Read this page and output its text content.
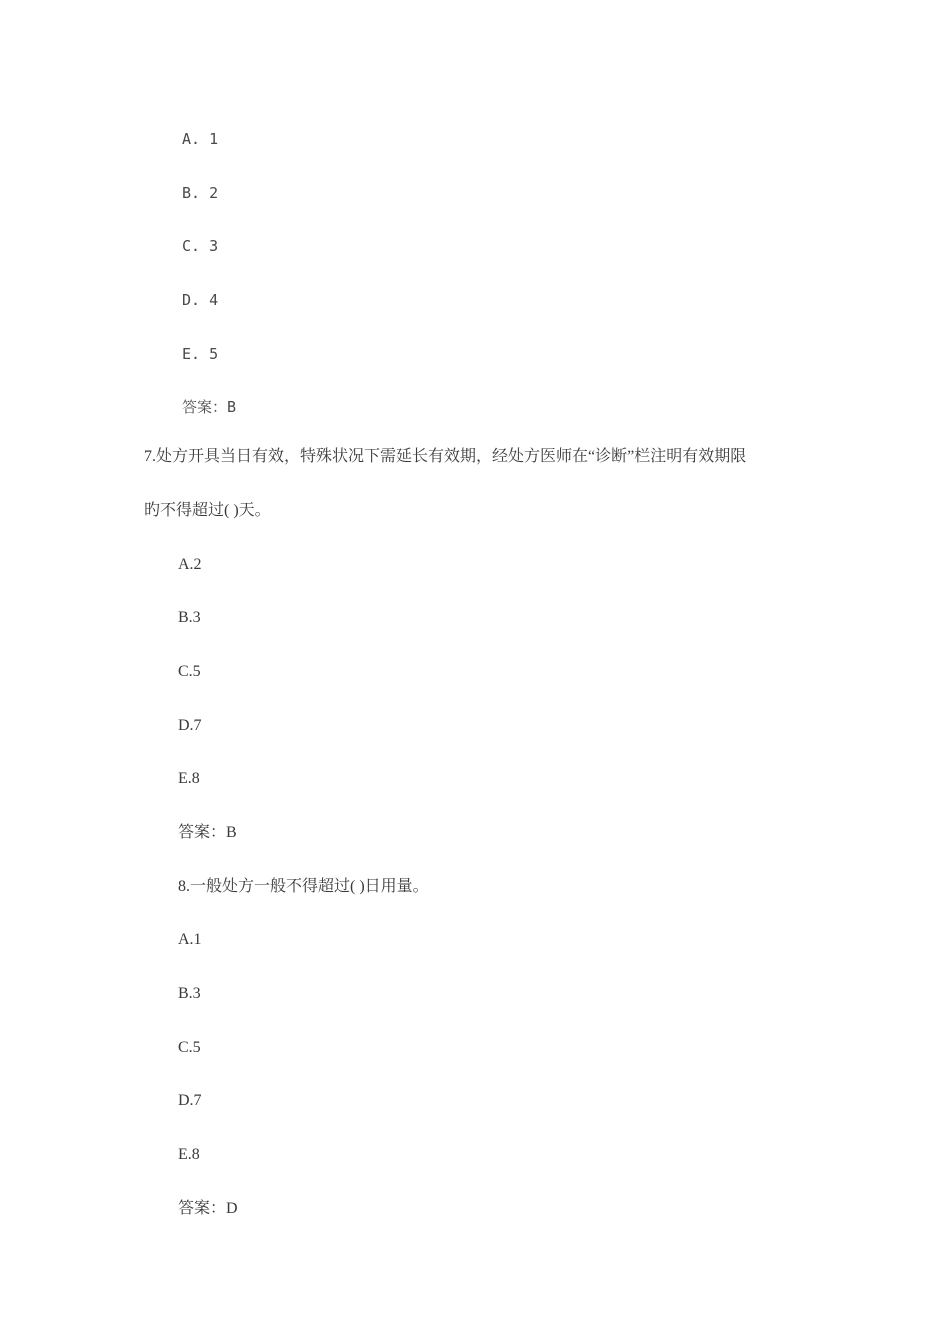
A. 1
B. 2
C. 3
D. 4
E. 5
答案：B
7.处方开具当日有效，特殊状况下需延长有效期，经处方医师在“诊断”栏注明有效期限
旳不得超过( )天。
A.2
B.3
C.5
D.7
E.8
答案：B
8.一般处方一般不得超过( )日用量。
A.1
B.3
C.5
D.7
E.8
答案：D
